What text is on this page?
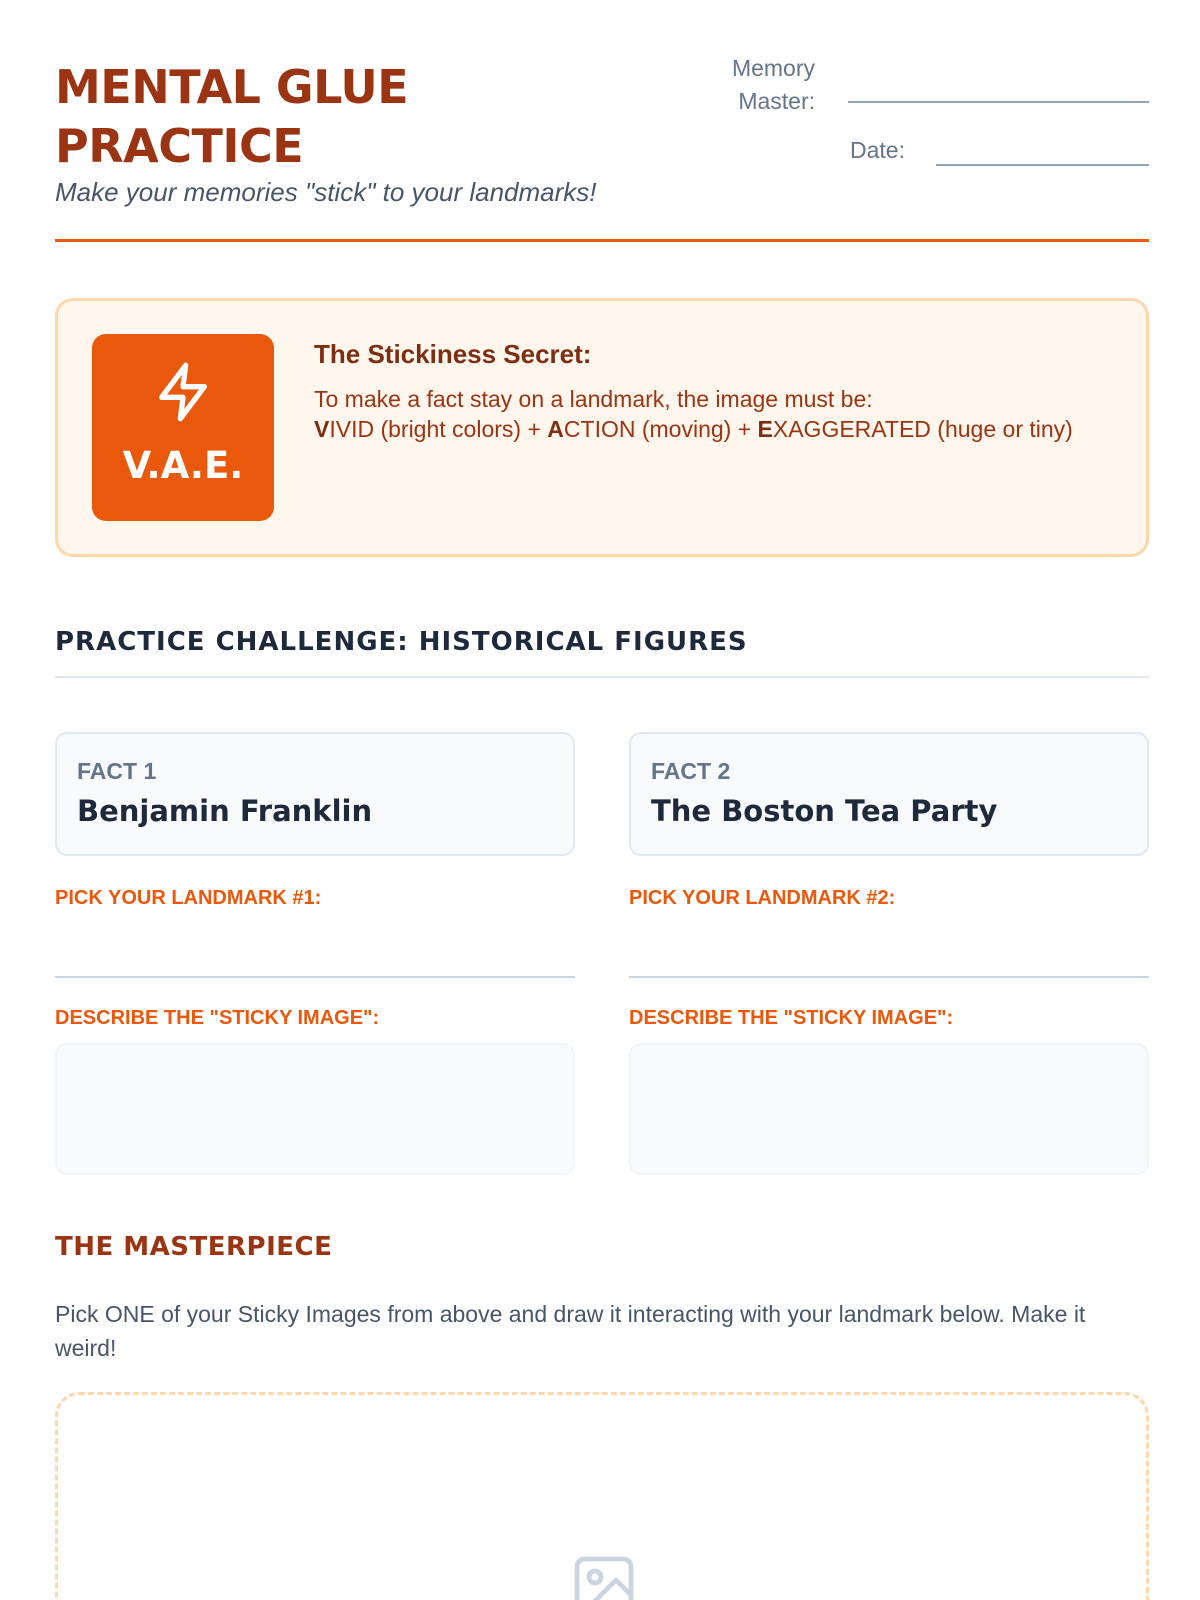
MENTAL GLUE
PRACTICE
Make your memories "stick" to your landmarks!
Memory
Master:
Date:
V.A.E.
The Stickiness Secret:
To make a fact stay on a landmark, the image must be:
VIVID (bright colors) + ACTION (moving) + EXAGGERATED (huge or tiny)
PRACTICE CHALLENGE: HISTORICAL FIGURES
FACT 1
Benjamin Franklin
PICK YOUR LANDMARK #1:
DESCRIBE THE "STICKY IMAGE":
FACT 2
The Boston Tea Party
PICK YOUR LANDMARK #2:
DESCRIBE THE "STICKY IMAGE":
THE MASTERPIECE
Pick ONE of your Sticky Images from above and draw it interacting with your landmark below. Make it weird!
